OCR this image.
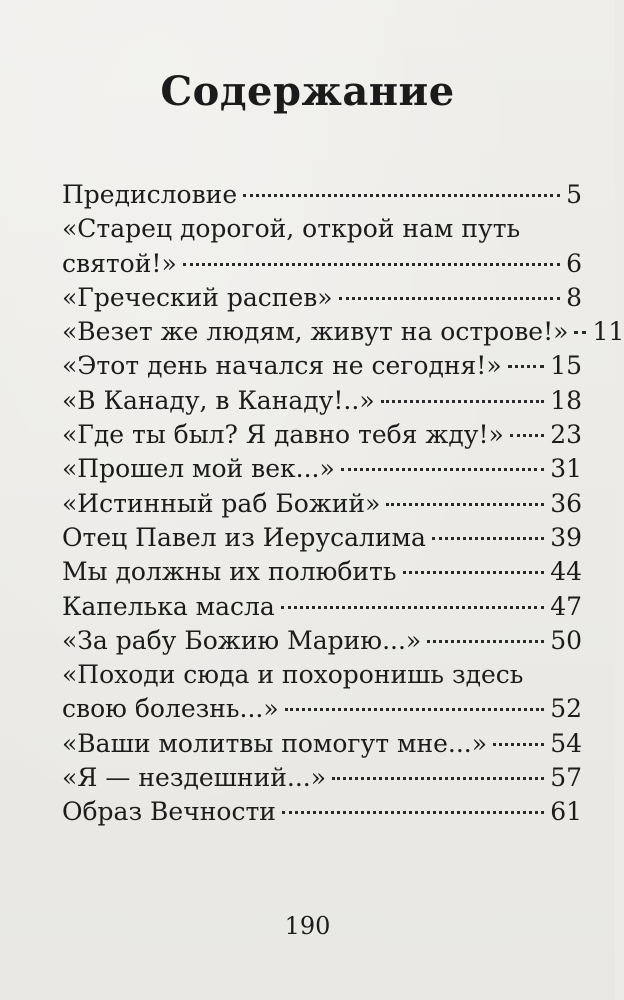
Содержание
Предисловие	5
«Старец дорогой, открой нам путь
святой!»	6
«Греческий распев»	8
«Везет же людям, живут на острове!» 11
«Этот день начался не сегодня!» 15
«В Канаду, в Канаду!..»	18
«Где ты был? Я давно тебя жду!» 23
«Прошел мой век...»	31
«Истинный раб Божий»	36
Отец Павел из Иерусалима	39
Мы должны их полюбить	44
Капелька масла	47
«За рабу Божию Марию...»	50
«Походи сюда и похоронишь здесь
свою болезнь...»	52
«Ваши молитвы помогут мне...»	54
«Я — нездешний...»	57
Образ Вечности	61
190
